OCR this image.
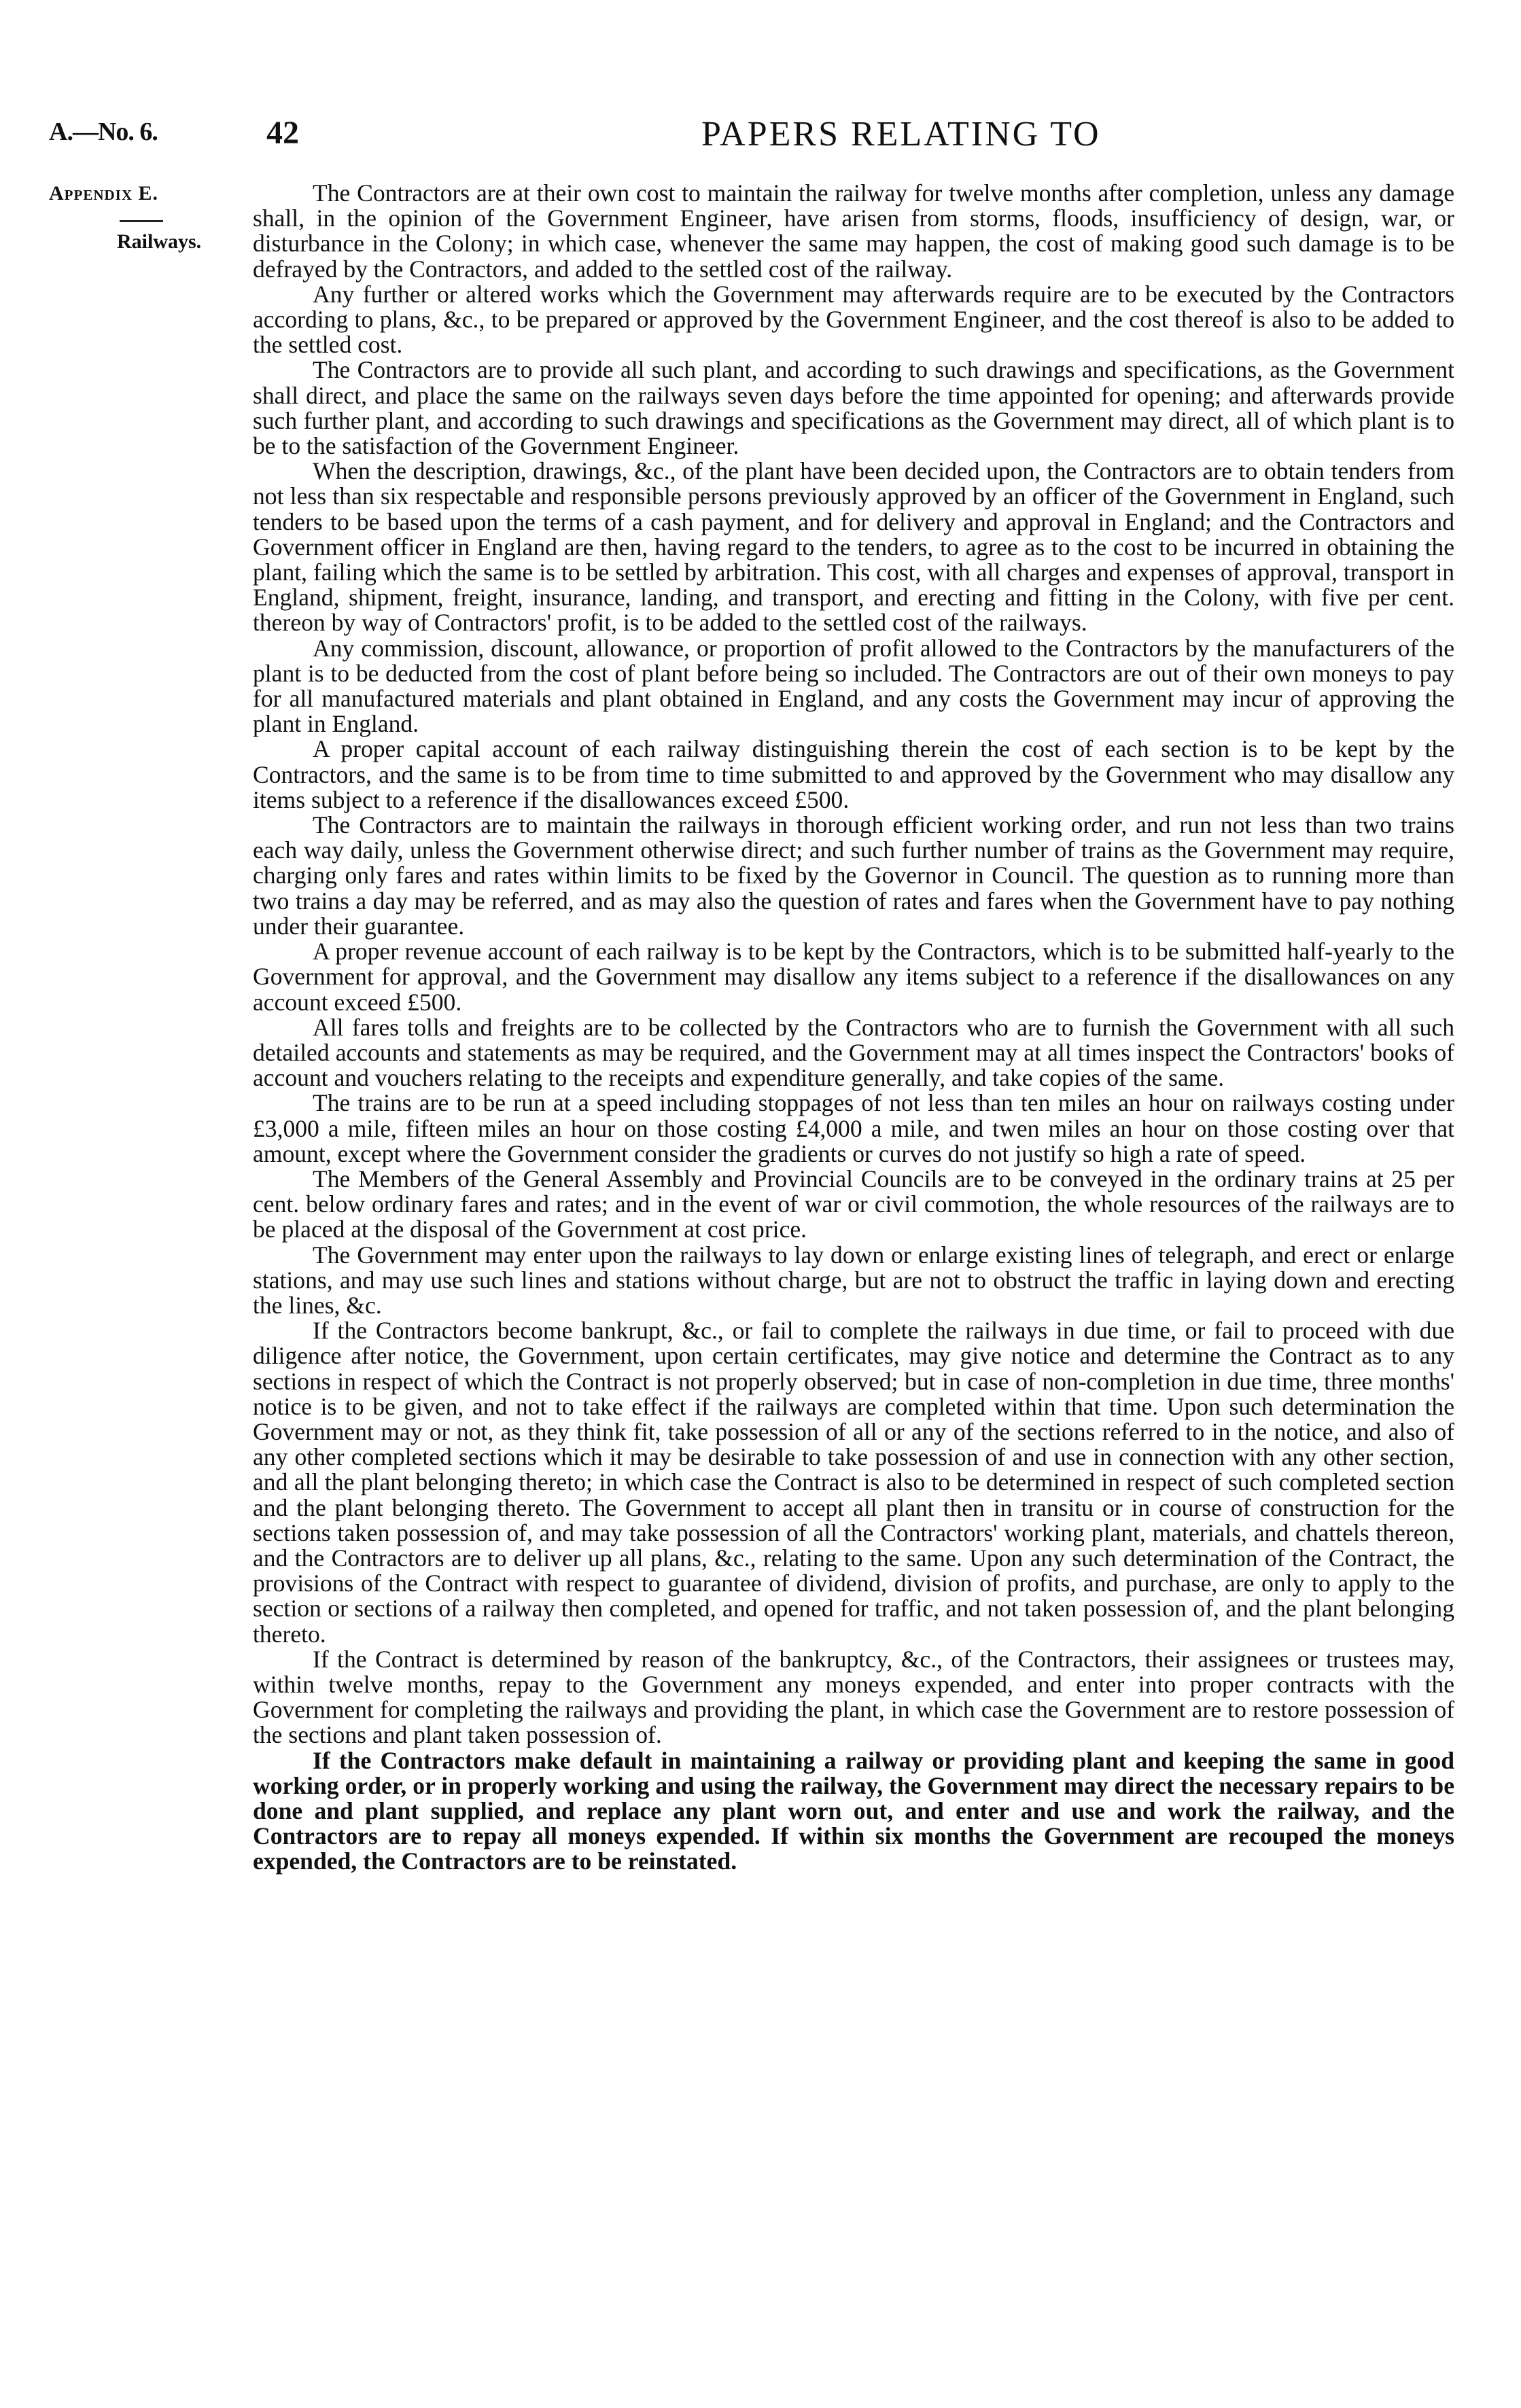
A.—No. 6.	42	PAPERS RELATING TO
Appendix E.
Railways.

The Contractors are at their own cost to maintain the railway for twelve months after completion, unless any damage shall, in the opinion of the Government Engineer, have arisen from storms, floods, insufficiency of design, war, or disturbance in the Colony; in which case, whenever the same may happen, the cost of making good such damage is to be defrayed by the Contractors, and added to the settled cost of the railway.

Any further or altered works which the Government may afterwards require are to be executed by the Contractors according to plans, &c., to be prepared or approved by the Government Engineer, and the cost thereof is also to be added to the settled cost.

The Contractors are to provide all such plant, and according to such drawings and specifications, as the Government shall direct, and place the same on the railways seven days before the time appointed for opening; and afterwards provide such further plant, and according to such drawings and specifications as the Government may direct, all of which plant is to be to the satisfaction of the Government Engineer.

When the description, drawings, &c., of the plant have been decided upon, the Contractors are to obtain tenders from not less than six respectable and responsible persons previously approved by an officer of the Government in England, such tenders to be based upon the terms of a cash payment, and for delivery and approval in England; and the Contractors and Government officer in England are then, having regard to the tenders, to agree as to the cost to be incurred in obtaining the plant, failing which the same is to be settled by arbitration. This cost, with all charges and expenses of approval, transport in England, shipment, freight, insurance, landing, and transport, and erecting and fitting in the Colony, with five per cent. thereon by way of Contractors' profit, is to be added to the settled cost of the railways.

Any commission, discount, allowance, or proportion of profit allowed to the Contractors by the manufacturers of the plant is to be deducted from the cost of plant before being so included. The Contractors are out of their own moneys to pay for all manufactured materials and plant obtained in England, and any costs the Government may incur of approving the plant in England.

A proper capital account of each railway distinguishing therein the cost of each section is to be kept by the Contractors, and the same is to be from time to time submitted to and approved by the Government who may disallow any items subject to a reference if the disallowances exceed £500.

The Contractors are to maintain the railways in thorough efficient working order, and run not less than two trains each way daily, unless the Government otherwise direct; and such further number of trains as the Government may require, charging only fares and rates within limits to be fixed by the Governor in Council. The question as to running more than two trains a day may be referred, and as may also the question of rates and fares when the Government have to pay nothing under their guarantee.

A proper revenue account of each railway is to be kept by the Contractors, which is to be submitted half-yearly to the Government for approval, and the Government may disallow any items subject to a reference if the disallowances on any account exceed £500.

All fares tolls and freights are to be collected by the Contractors who are to furnish the Government with all such detailed accounts and statements as may be required, and the Government may at all times inspect the Contractors' books of account and vouchers relating to the receipts and expenditure generally, and take copies of the same.

The trains are to be run at a speed including stoppages of not less than ten miles an hour on railways costing under £3,000 a mile, fifteen miles an hour on those costing £4,000 a mile, and twen miles an hour on those costing over that amount, except where the Government consider the gradients or curves do not justify so high a rate of speed.

The Members of the General Assembly and Provincial Councils are to be conveyed in the ordinary trains at 25 per cent. below ordinary fares and rates; and in the event of war or civil commotion, the whole resources of the railways are to be placed at the disposal of the Government at cost price.

The Government may enter upon the railways to lay down or enlarge existing lines of telegraph, and erect or enlarge stations, and may use such lines and stations without charge, but are not to obstruct the traffic in laying down and erecting the lines, &c.

If the Contractors become bankrupt, &c., or fail to complete the railways in due time, or fail to proceed with due diligence after notice, the Government, upon certain certificates, may give notice and determine the Contract as to any sections in respect of which the Contract is not properly observed; but in case of non-completion in due time, three months' notice is to be given, and not to take effect if the railways are completed within that time. Upon such determination the Government may or not, as they think fit, take possession of all or any of the sections referred to in the notice, and also of any other completed sections which it may be desirable to take possession of and use in connection with any other section, and all the plant belonging thereto; in which case the Contract is also to be determined in respect of such completed section and the plant belonging thereto. The Government to accept all plant then in transitu or in course of construction for the sections taken possession of, and may take possession of all the Contractors' working plant, materials, and chattels thereon, and the Contractors are to deliver up all plans, &c., relating to the same. Upon any such determination of the Contract, the provisions of the Contract with respect to guarantee of dividend, division of profits, and purchase, are only to apply to the section or sections of a railway then completed, and opened for traffic, and not taken possession of, and the plant belonging thereto.

If the Contract is determined by reason of the bankruptcy, &c., of the Contractors, their assignees or trustees may, within twelve months, repay to the Government any moneys expended, and enter into proper contracts with the Government for completing the railways and providing the plant, in which case the Government are to restore possession of the sections and plant taken possession of.

If the Contractors make default in maintaining a railway or providing plant and keeping the same in good working order, or in properly working and using the railway, the Government may direct the necessary repairs to be done and plant supplied, and replace any plant worn out, and enter and use and work the railway, and the Contractors are to repay all moneys expended. If within six months the Government are recouped the moneys expended, the Contractors are to be reinstated.
